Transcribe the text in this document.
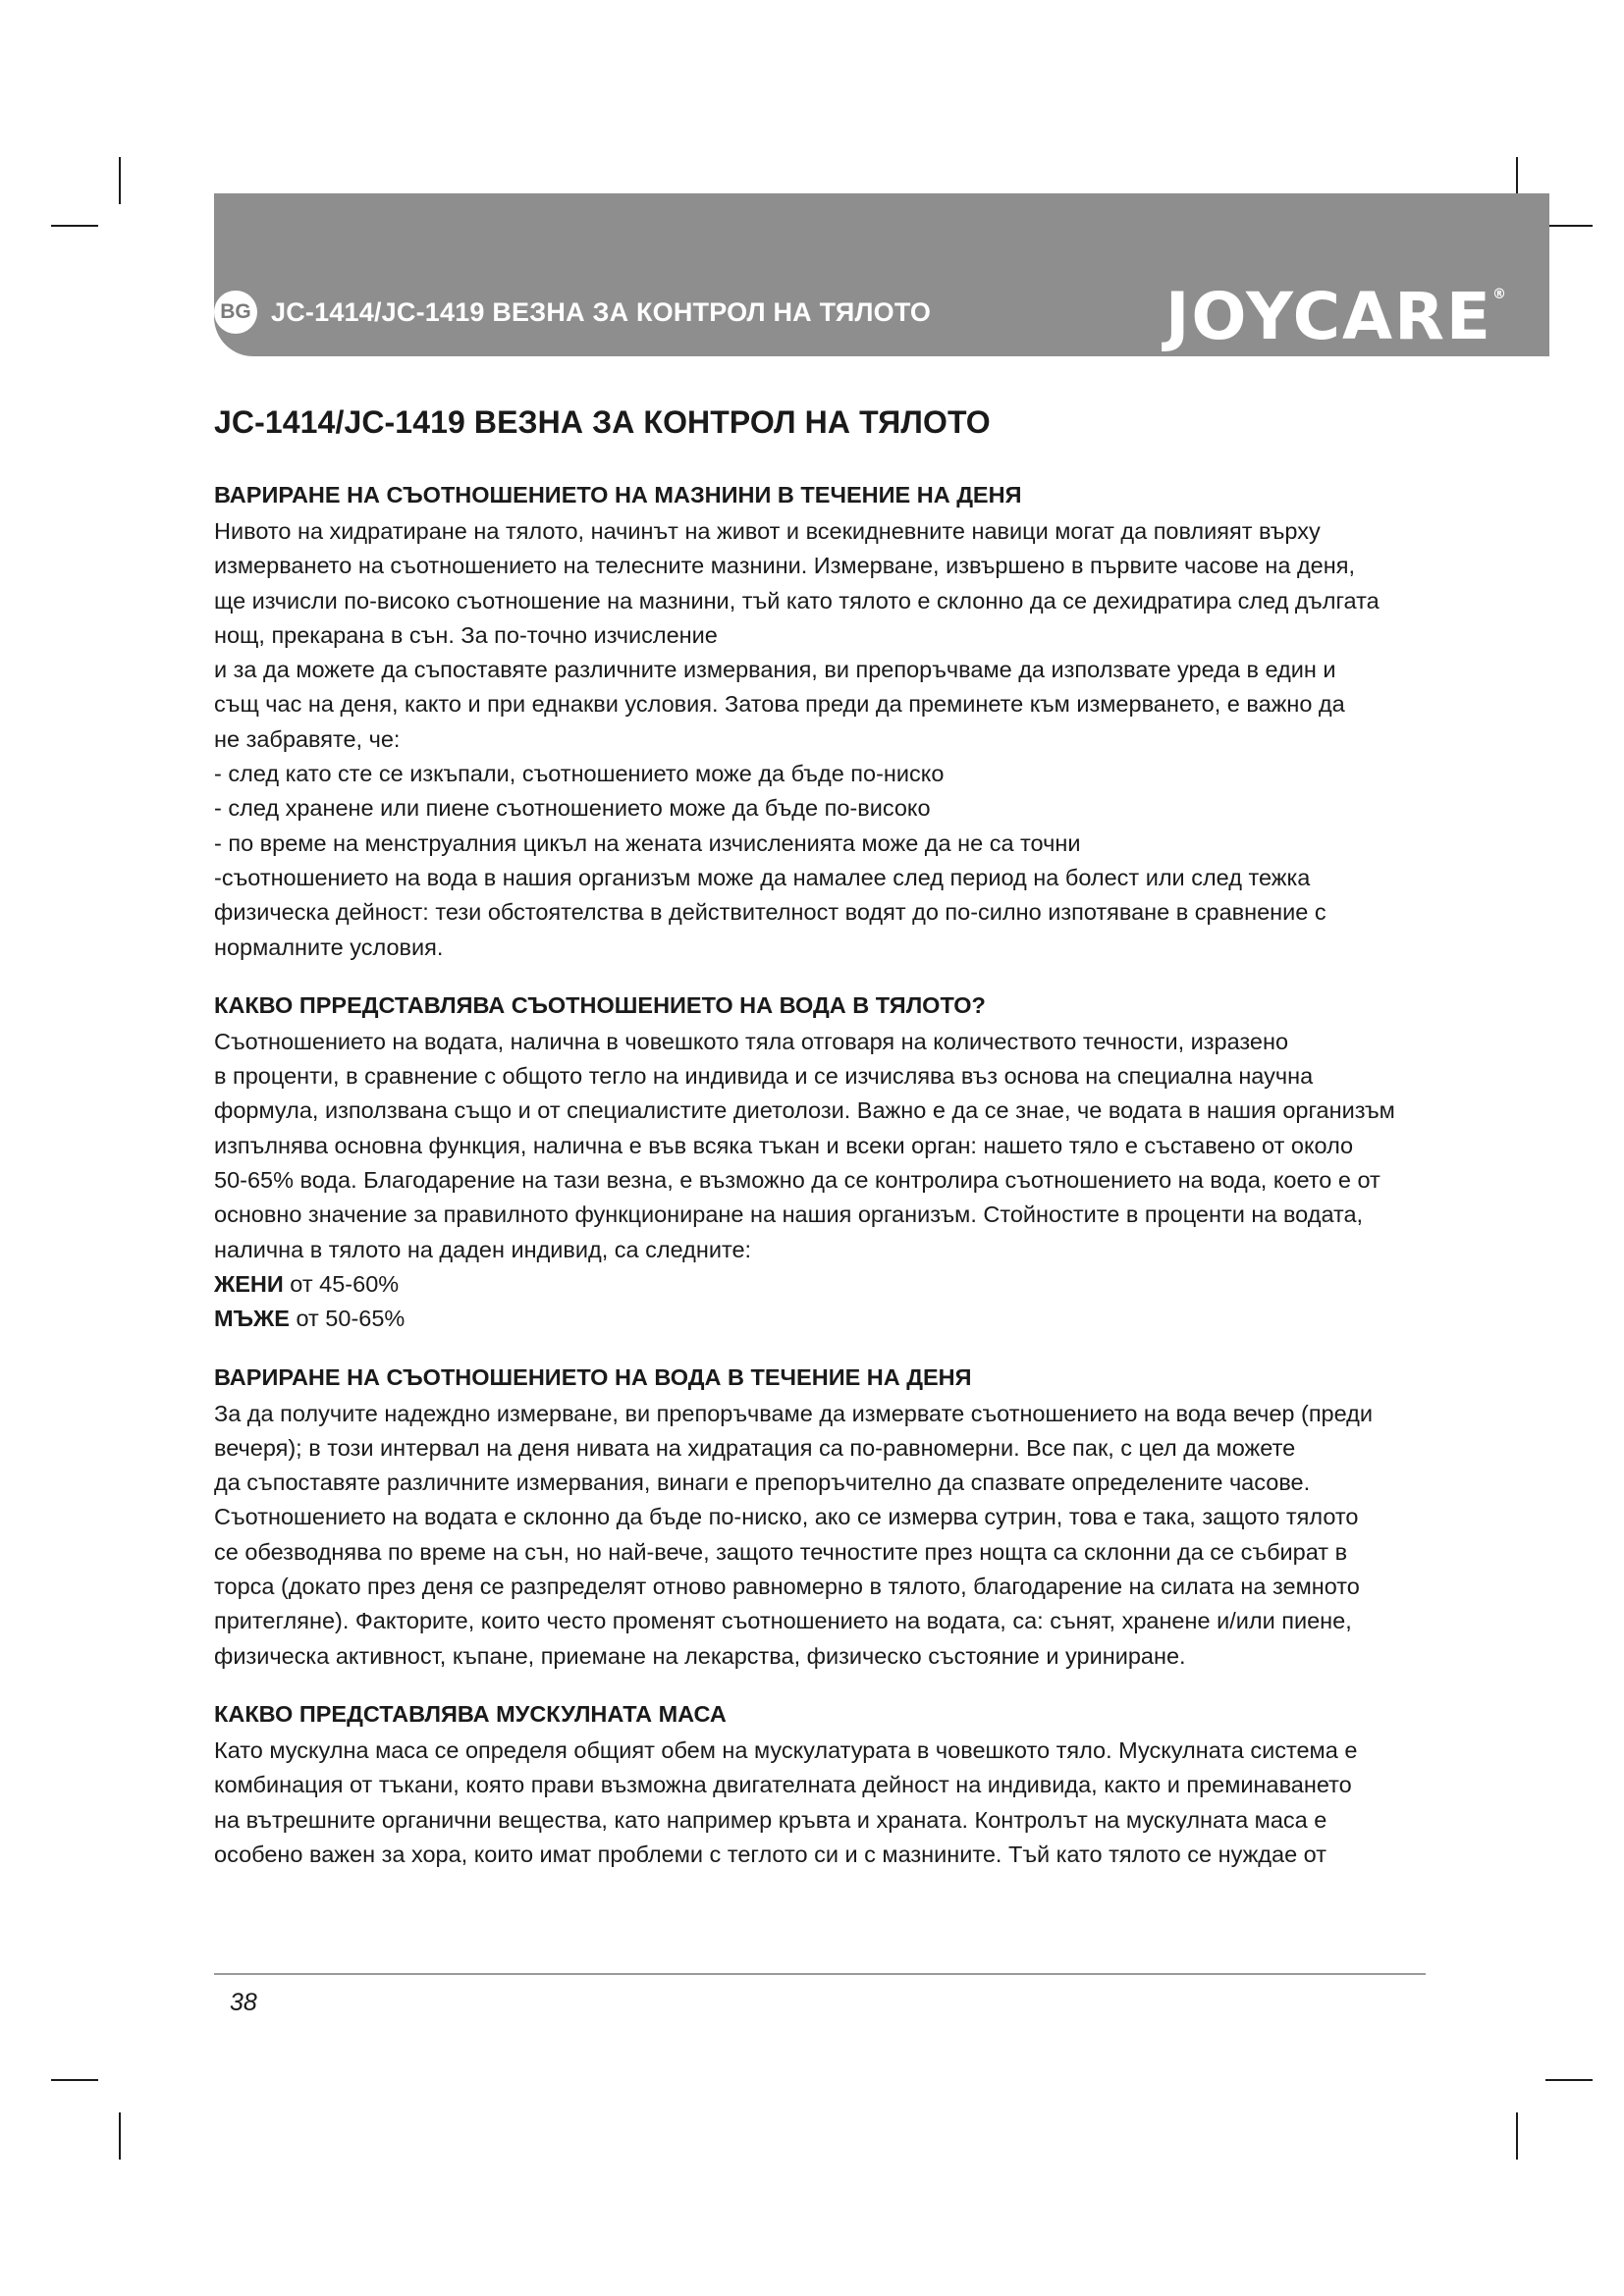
BG JC-1414/JC-1419 ВЕЗНА ЗА КОНТРОЛ НА ТЯЛОТО	JOYCARE®
JC-1414/JC-1419 ВЕЗНА ЗА КОНТРОЛ НА ТЯЛОТО
ВАРИРАНЕ НА СЪОТНОШЕНИЕТО НА МАЗНИНИ В ТЕЧЕНИЕ НА ДЕНЯ

Нивото на хидратиране на тялото, начинът на живот и всекидневните навици могат да повлияят върху
измерването на съотношението на телесните мазнини. Измерване, извършено в първите часове на деня,
ще изчисли по-високо съотношение на мазнини, тъй като тялото е склонно да се дехидратира след дългата
нощ, прекарана в сън. За по-точно изчисление
и за да можете да съпоставяте различните измервания, ви препоръчваме да използвате уреда в един и
същ час на деня, както и при еднакви условия. Затова преди да преминете към измерването, е важно да
не забравяте, че:
- след като сте се изкъпали, съотношението може да бъде по-ниско
- след хранене или пиене съотношението може да бъде по-високо
- по време на менструалния цикъл на жената изчисленията може да не са точни
-съотношението на вода в нашия организъм може да намалее след период на болест или след тежка
физическа дейност: тези обстоятелства в действителност водят до по-силно изпотяване в сравнение с
нормалните условия.

КАКВО ПРРЕДСТАВЛЯВА СЪОТНОШЕНИЕТО НА ВОДА В ТЯЛОТО?

Съотношението на водата, налична в човешкото тяла отговаря на количеството течности, изразено
в проценти, в сравнение с общото тегло на индивида и се изчислява въз основа на специална научна
формула, използвана също и от специалистите диетолози. Важно е да се знае, че водата в нашия организъм
изпълнява основна функция, налична е във всяка тъкан и всеки орган: нашето тяло е съставено от около
50-65% вода. Благодарение на тази везна, е възможно да се контролира съотношението на вода, което е от
основно значение за правилното функциониране на нашия организъм. Стойностите в проценти на водата,
налична в тялото на даден индивид, са следните:
ЖЕНИ от 45-60%
МЪЖЕ от 50-65%

ВАРИРАНЕ НА СЪОТНОШЕНИЕТО НА ВОДА В ТЕЧЕНИЕ НА ДЕНЯ

За да получите надеждно измерване, ви препоръчваме да измервате съотношението на вода вечер (преди
вечеря); в този интервал на деня нивата на хидратация са по-равномерни. Все пак, с цел да можете
да съпоставяте различните измервания, винаги е препоръчително да спазвате определените часове.
Съотношението на водата е склонно да бъде по-ниско, ако се измерва сутрин, това е така, защото тялото
се обезводнява по време на сън, но най-вече, защото течностите през нощта са склонни да се събират в
торса (докато през деня се разпределят отново равномерно в тялото, благодарение на силата на земното
притегляне). Факторите, които често променят съотношението на водата, са: сънят, хранене и/или пиене,
физическа активност, къпане, приемане на лекарства, физическо състояние и уриниране.

КАКВО ПРЕДСТАВЛЯВА МУСКУЛНАТА МАСА

Като мускулна маса се определя общият обем на мускулатурата в човешкото тяло. Мускулната система е
комбинация от тъкани, която прави възможна двигателната дейност на индивида, както и преминаването
на вътрешните органични вещества, като например кръвта и храната. Контролът на мускулната маса е
особено важен за хора, които имат проблеми с теглото си и с мазнините. Тъй като тялото се нуждае от

38
